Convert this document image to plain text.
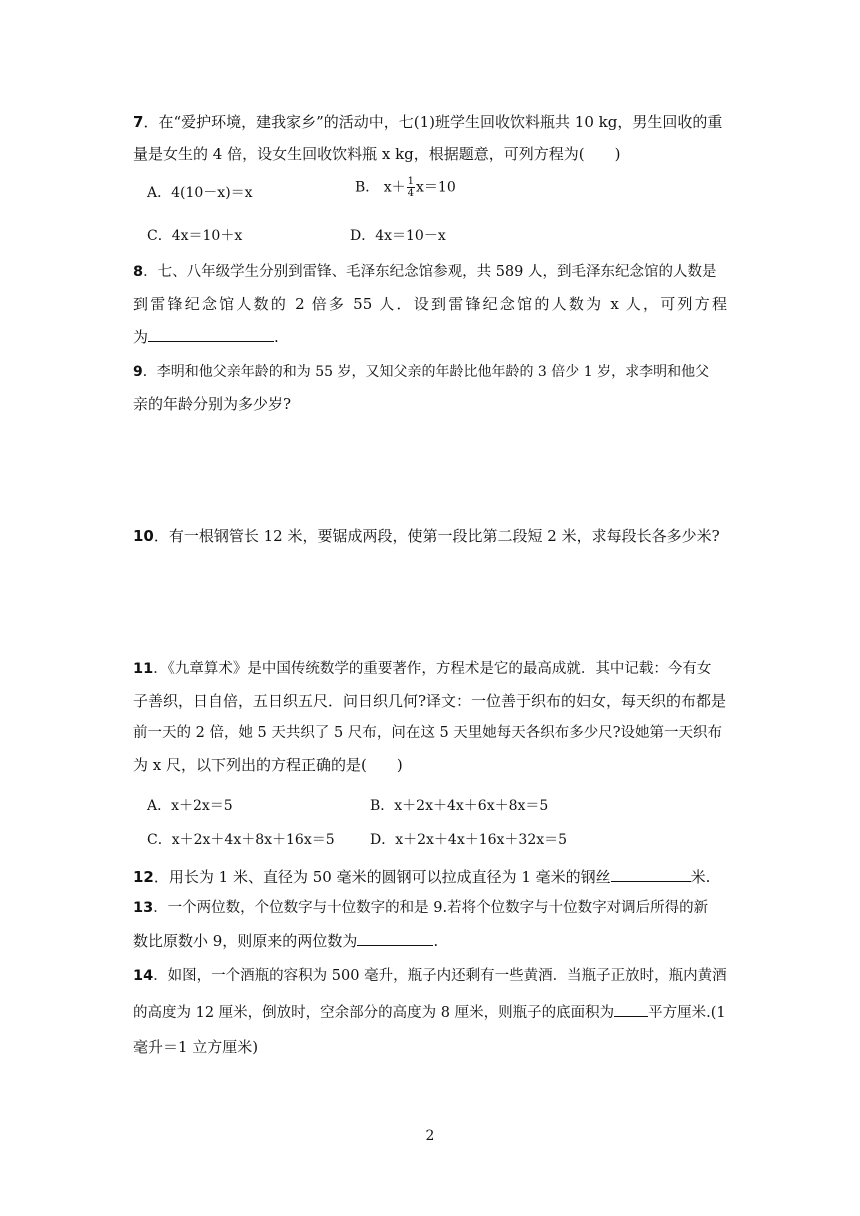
7．在“爱护环境，建我家乡”的活动中，七(1)班学生回收饮料瓶共 10 kg，男生回收的重
量是女生的 4 倍，设女生回收饮料瓶 x kg，根据题意，可列方程为(　　)
A．4(10－x)＝x	B． $x+ \frac{1}{4} x=10$
C．4x＝10＋x	D．4x＝10－x
8．七、八年级学生分别到雷锋、毛泽东纪念馆参观，共 589 人，到毛泽东纪念馆的人数是
到雷锋纪念馆人数的 2 倍多 55 人．设到雷锋纪念馆的人数为 x 人，可列方程
为	.
9．李明和他父亲年龄的和为 55 岁，又知父亲的年龄比他年龄的 3 倍少 1 岁，求李明和他父
亲的年龄分别为多少岁?
10．有一根钢管长 12 米，要锯成两段，使第一段比第二段短 2 米，求每段长各多少米?
11．《九章算术》是中国传统数学的重要著作，方程术是它的最高成就．其中记载：今有女
子善织，日自倍，五日织五尺．问日织几何?译文：一位善于织布的妇女，每天织的布都是
前一天的 2 倍，她 5 天共织了 5 尺布，问在这 5 天里她每天各织布多少尺?设她第一天织布
为 x 尺，以下列出的方程正确的是(　　)
A．x＋2x＝5	B．x＋2x＋4x＋6x＋8x＝5
C．x＋2x＋4x＋8x＋16x＝5	D．x＋2x＋4x＋16x＋32x＝5
12．用长为 1 米、直径为 50 毫米的圆钢可以拉成直径为 1 毫米的钢丝	米.
13．一个两位数，个位数字与十位数字的和是 9.若将个位数字与十位数字对调后所得的新
数比原数小 9，则原来的两位数为	.
14．如图，一个酒瓶的容积为 500 毫升，瓶子内还剩有一些黄酒．当瓶子正放时，瓶内黄酒
的高度为 12 厘米，倒放时，空余部分的高度为 8 厘米，则瓶子的底面积为 平方厘米.(1
毫升＝1 立方厘米)
2
